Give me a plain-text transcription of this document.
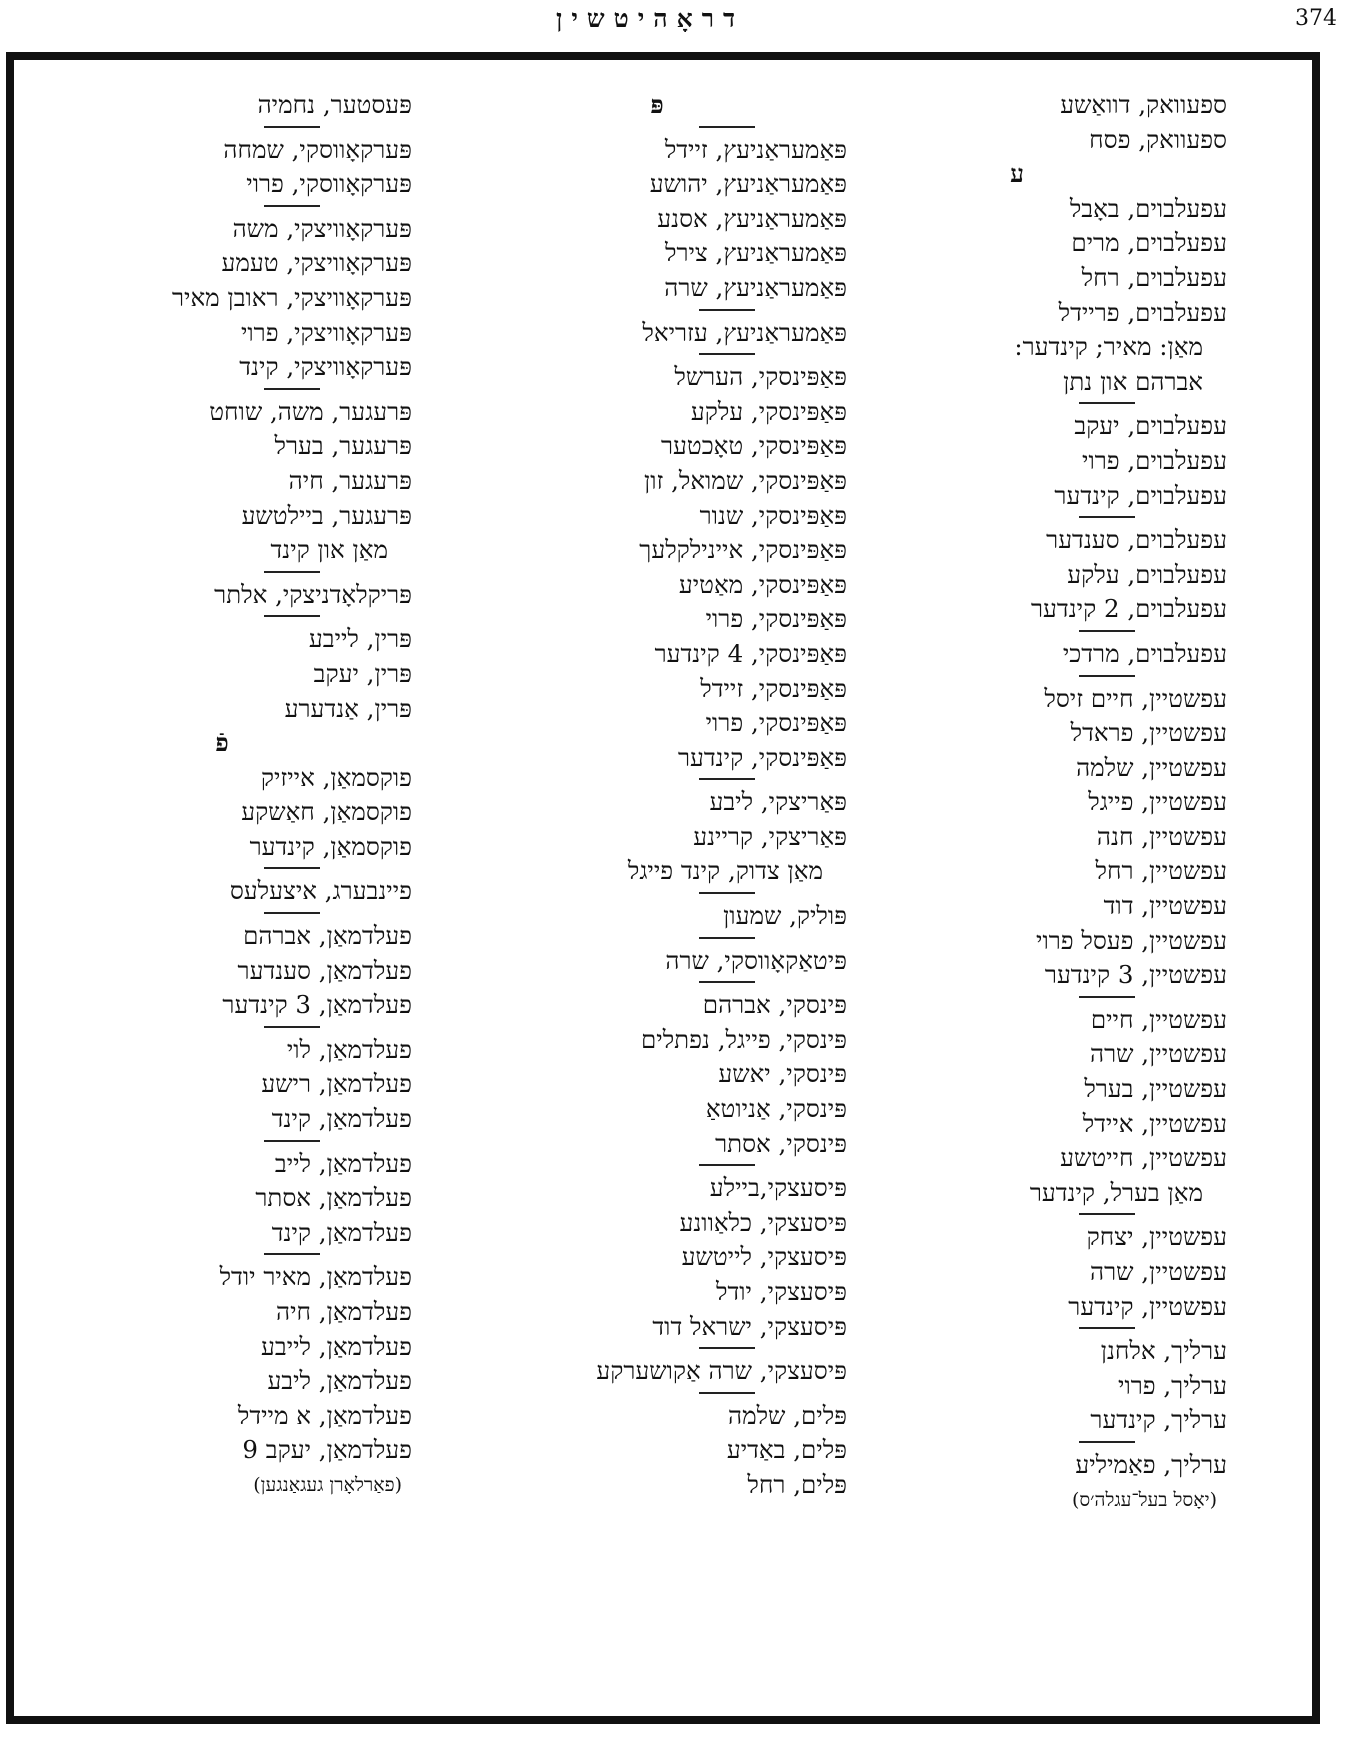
דראָהיטשין	374
ספעוואק, דוואַשע
ספעוואק, פסח
ע
עפעלבוים, באָבל
עפעלבוים, מרים
עפעלבוים, רחל
עפעלבוים, פריידל
מאַן: מאיר; קינדער:
אברהם און נתן
עפעלבוים, יעקב
עפעלבוים, פרוי
עפעלבוים, קינדער
עפעלבוים, סענדער
עפעלבוים, עלקע
עפעלבוים, 2 קינדער
עפעלבוים, מרדכי
עפשטיין, חיים זיסל
עפשטיין, פראדל
עפשטיין, שלמה
עפשטיין, פייגל
עפשטיין, חנה
עפשטיין, רחל
עפשטיין, דוד
עפשטיין, פעסל פרוי
עפשטיין, 3 קינדער
עפשטיין, חיים
עפשטיין, שרה
עפשטיין, בערל
עפשטיין, איידל
עפשטיין, חייטשע
מאַן בערל, קינדער
עפשטיין, יצחק
עפשטיין, שרה
עפשטיין, קינדער
ערליך, אלחנן
ערליך, פרוי
ערליך, קינדער
ערליך, פאַמיליע
(יאָסל בעל־עגלה׳ס)
פּ
פּאַמעראַניעץ, זיידל
פּאַמעראַניעץ, יהושע
פּאַמעראַניעץ, אסנע
פּאַמעראַניעץ, צירל
פּאַמעראַניעץ, שרה
פּאַמעראַניעץ, עזריאל
פּאַפּינסקי, הערשל
פּאַפּינסקי, עלקע
פּאַפּינסקי, טאָכטער
פּאַפּינסקי, שמואל, זון
פּאַפּינסקי, שנור
פּאַפּינסקי, איינילקלעך
פּאַפּינסקי, מאַטיע
פּאַפּינסקי, פרוי
פּאַפּינסקי, 4 קינדער
פּאַפּינסקי, זיידל
פּאַפּינסקי, פרוי
פּאַפּינסקי, קינדער
פּאַריצקי, ליבע
פּאַריצקי, קריינע
מאַן צדוק, קינד פייגל
פּוליק, שמעון
פּיטאַקאָווסקי, שרה
פּינסקי, אברהם
פּינסקי, פייגל, נפתלים
פּינסקי, יאשע
פּינסקי, אַניוטאַ
פּינסקי, אסתר
פּיסעצקי,ביילע
פּיסעצקי, כלאַוונע
פּיסעצקי, לייטשע
פּיסעצקי, יודל
פּיסעצקי, ישראל דוד
פּיסעצקי, שרה אַקושערקע
פּלים, שלמה
פּלים, באַדיע
פּלים, רחל
פּעסטער, נחמיה
פּערקאָווסקי, שמחה
פּערקאָווסקי, פרוי
פּערקאָוויצקי, משה
פּערקאָוויצקי, טעמע
פּערקאָוויצקי, ראובן מאיר
פּערקאָוויצקי, פרוי
פּערקאָוויצקי, קינד
פּרעגער, משה, שוחט
פּרעגער, בערל
פּרעגער, חיה
פּרעגער, ביילטשע
מאַן און קינד
פּריקלאָדניצקי, אלתר
פּרין, לייבע
פּרין, יעקב
פּרין, אַנדערע
פֿ
פוקסמאַן, אייזיק
פוקסמאַן, חאַשקע
פוקסמאַן, קינדער
פיינבערג, איצעלעס
פעלדמאַן, אברהם
פעלדמאַן, סענדער
פעלדמאַן, 3 קינדער
פעלדמאַן, לוי
פעלדמאַן, רישע
פעלדמאַן, קינד
פעלדמאַן, לייב
פעלדמאַן, אסתר
פעלדמאַן, קינד
פעלדמאַן, מאיר יודל
פעלדמאַן, חיה
פעלדמאַן, לייבע
פעלדמאַן, ליבע
פעלדמאַן, א מיידל
פעלדמאַן, יעקב 9
(פאַרלאָרן געגאַנגען)
